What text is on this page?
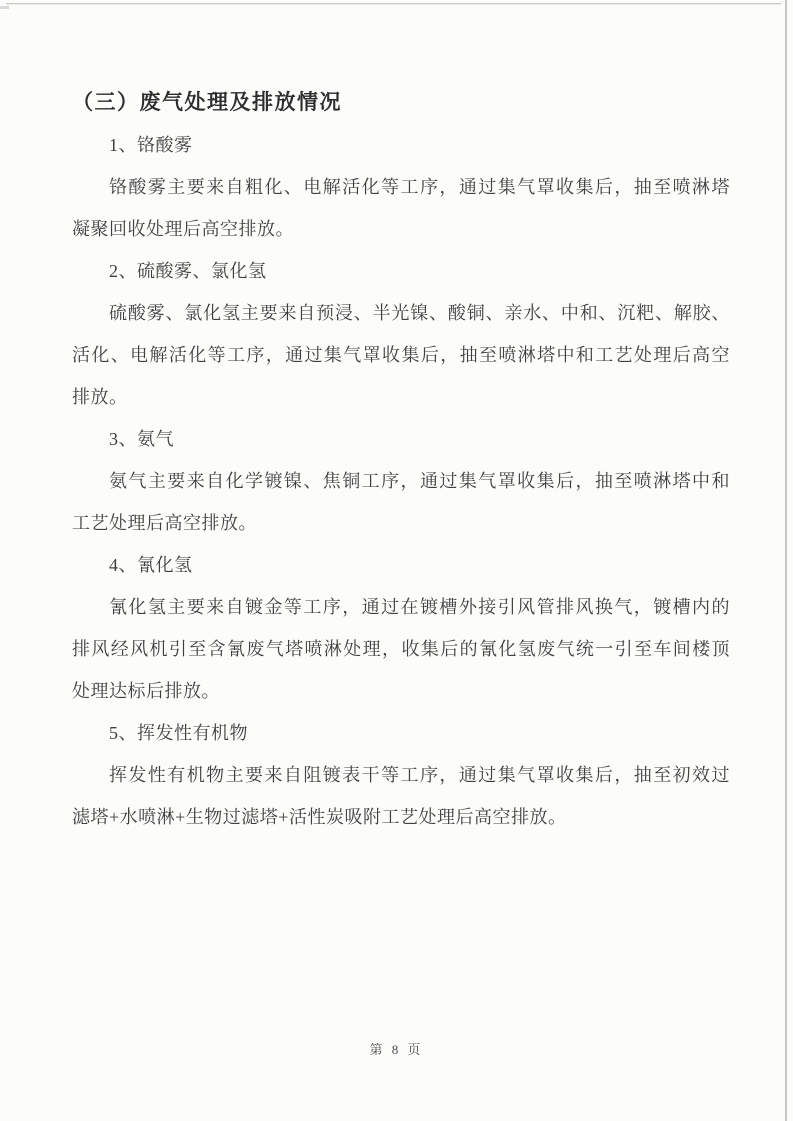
（三）废气处理及排放情况
1、铬酸雾
铬酸雾主要来自粗化、电解活化等工序，通过集气罩收集后，抽至喷淋塔
凝聚回收处理后高空排放。
2、硫酸雾、氯化氢
硫酸雾、氯化氢主要来自预浸、半光镍、酸铜、亲水、中和、沉粑、解胶、
活化、电解活化等工序，通过集气罩收集后，抽至喷淋塔中和工艺处理后高空
排放。
3、氨气
氨气主要来自化学镀镍、焦铜工序，通过集气罩收集后，抽至喷淋塔中和
工艺处理后高空排放。
4、氰化氢
氰化氢主要来自镀金等工序，通过在镀槽外接引风管排风换气，镀槽内的
排风经风机引至含氰废气塔喷淋处理，收集后的氰化氢废气统一引至车间楼顶
处理达标后排放。
5、挥发性有机物
挥发性有机物主要来自阻镀表干等工序，通过集气罩收集后，抽至初效过
滤塔+水喷淋+生物过滤塔+活性炭吸附工艺处理后高空排放。
第 8 页
